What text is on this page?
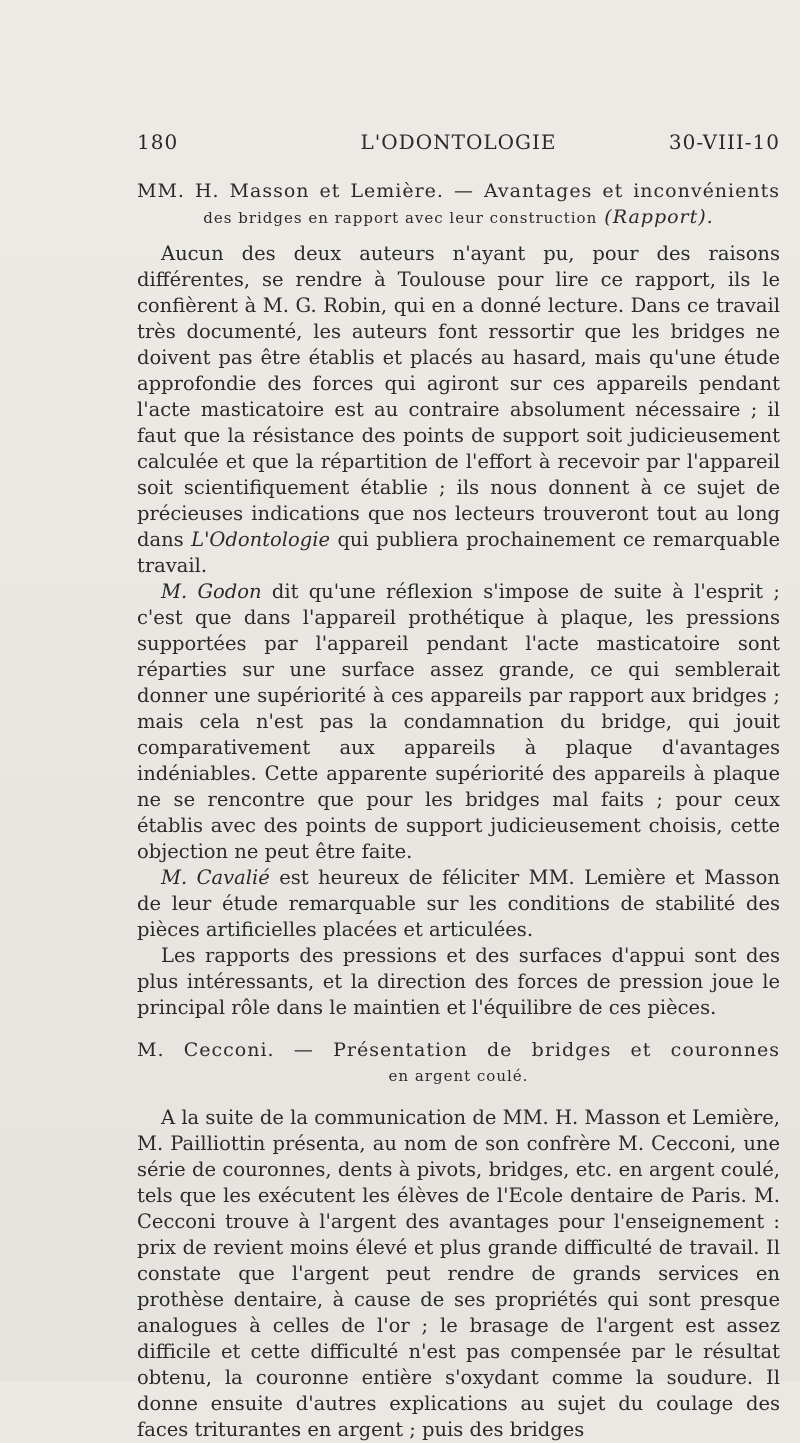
180	L'ODONTOLOGIE	30-VIII-10
MM. H. Masson et Lemière. — Avantages et inconvénients
des bridges en rapport avec leur construction (Rapport).

Aucun des deux auteurs n'ayant pu, pour des raisons différentes, se rendre à Toulouse pour lire ce rapport, ils le confièrent à M. G. Robin, qui en a donné lecture. Dans ce travail très documenté, les auteurs font ressortir que les bridges ne doivent pas être établis et placés au hasard, mais qu'une étude approfondie des forces qui agiront sur ces appareils pendant l'acte masticatoire est au contraire absolument nécessaire ; il faut que la résistance des points de support soit judicieusement calculée et que la répartition de l'effort à recevoir par l'appareil soit scientifiquement établie ; ils nous donnent à ce sujet de précieuses indications que nos lecteurs trouveront tout au long dans L'Odontologie qui publiera prochainement ce remarquable travail.

M. Godon dit qu'une réflexion s'impose de suite à l'esprit ; c'est que dans l'appareil prothétique à plaque, les pressions supportées par l'appareil pendant l'acte masticatoire sont réparties sur une surface assez grande, ce qui semblerait donner une supériorité à ces appareils par rapport aux bridges ; mais cela n'est pas la condamnation du bridge, qui jouit comparativement aux appareils à plaque d'avantages indéniables. Cette apparente supériorité des appareils à plaque ne se rencontre que pour les bridges mal faits ; pour ceux établis avec des points de support judicieusement choisis, cette objection ne peut être faite.

M. Cavalié est heureux de féliciter MM. Lemière et Masson de leur étude remarquable sur les conditions de stabilité des pièces artificielles placées et articulées.

Les rapports des pressions et des surfaces d'appui sont des plus intéressants, et la direction des forces de pression joue le principal rôle dans le maintien et l'équilibre de ces pièces.

M. Cecconi. — Présentation de bridges et couronnes
en argent coulé.

A la suite de la communication de MM. H. Masson et Lemière, M. Pailliottin présenta, au nom de son confrère M. Cecconi, une série de couronnes, dents à pivots, bridges, etc. en argent coulé, tels que les exécutent les élèves de l'Ecole dentaire de Paris. M. Cecconi trouve à l'argent des avantages pour l'enseignement : prix de revient moins élevé et plus grande difficulté de travail. Il constate que l'argent peut rendre de grands services en prothèse dentaire, à cause de ses propriétés qui sont presque analogues à celles de l'or ; le brasage de l'argent est assez difficile et cette difficulté n'est pas compensée par le résultat obtenu, la couronne entière s'oxydant comme la soudure. Il donne ensuite d'autres explications au sujet du coulage des faces triturantes en argent ; puis des bridges
